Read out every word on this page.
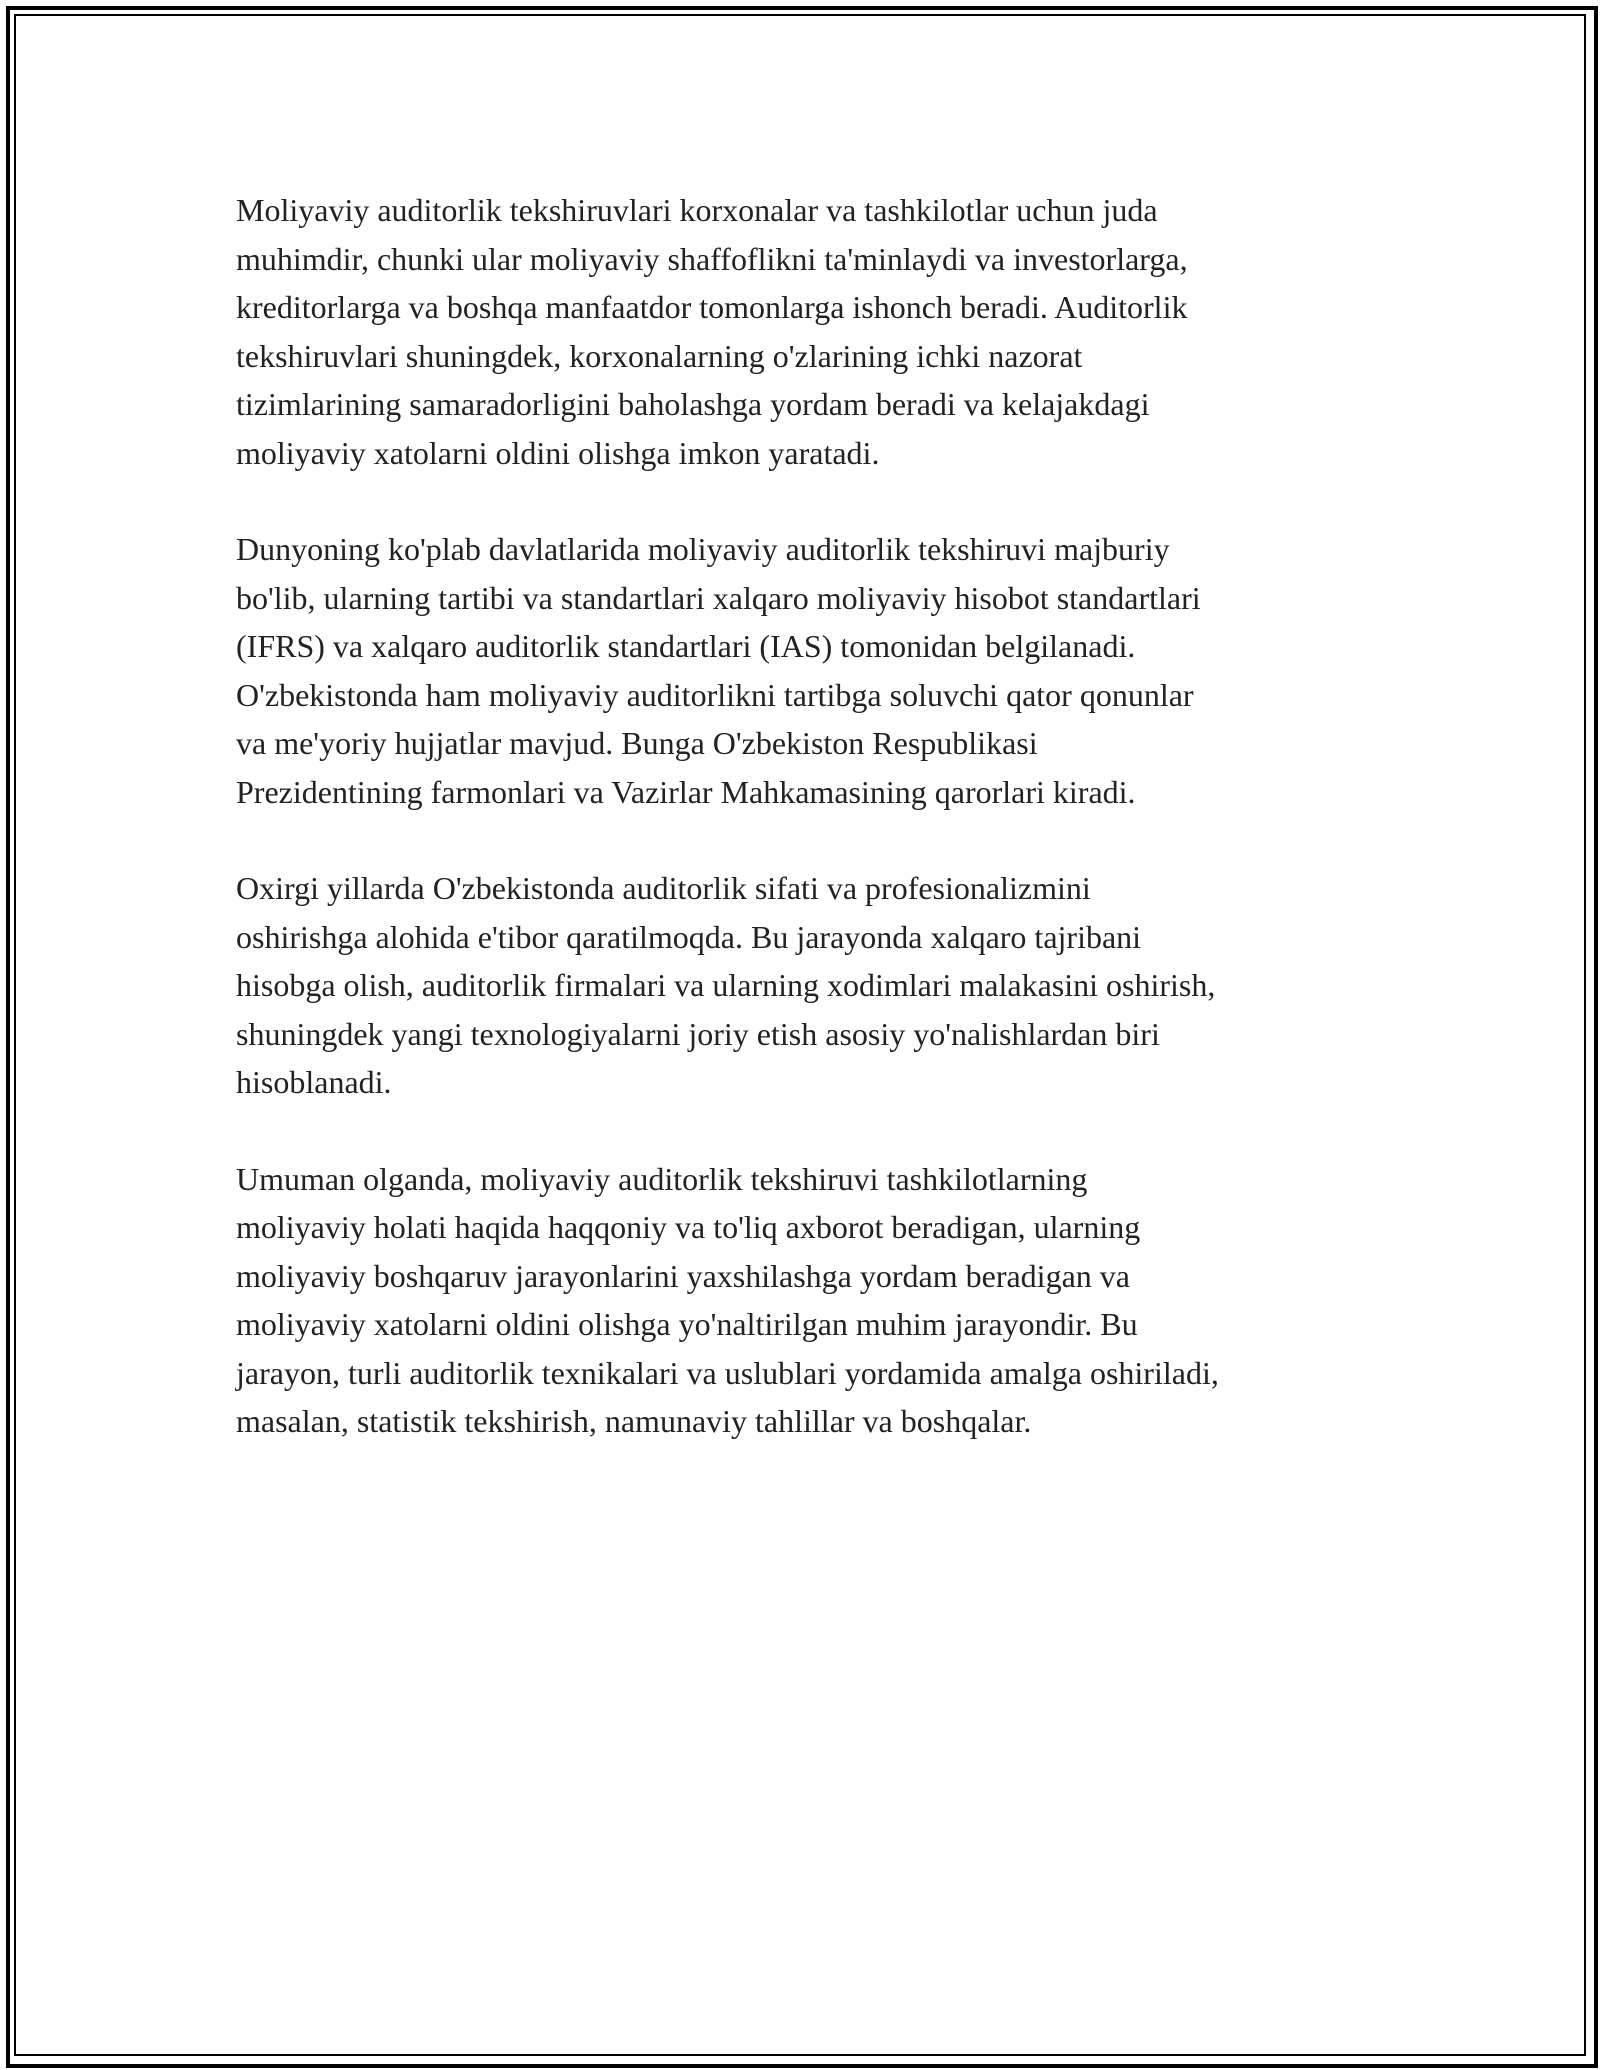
Moliyaviy auditorlik tekshiruvlari korxonalar va tashkilotlar uchun juda
muhimdir, chunki ular moliyaviy shaffoflikni ta'minlaydi va investorlarga,
kreditorlarga va boshqa manfaatdor tomonlarga ishonch beradi. Auditorlik
tekshiruvlari shuningdek, korxonalarning o'zlarining ichki nazorat
tizimlarining samaradorligini baholashga yordam beradi va kelajakdagi
moliyaviy xatolarni oldini olishga imkon yaratadi.

Dunyoning ko'plab davlatlarida moliyaviy auditorlik tekshiruvi majburiy
bo'lib, ularning tartibi va standartlari xalqaro moliyaviy hisobot standartlari
(IFRS) va xalqaro auditorlik standartlari (IAS) tomonidan belgilanadi.
O'zbekistonda ham moliyaviy auditorlikni tartibga soluvchi qator qonunlar
va me'yoriy hujjatlar mavjud. Bunga O'zbekiston Respublikasi
Prezidentining farmonlari va Vazirlar Mahkamasining qarorlari kiradi.

Oxirgi yillarda O'zbekistonda auditorlik sifati va profesionalizmini
oshirishga alohida e'tibor qaratilmoqda. Bu jarayonda xalqaro tajribani
hisobga olish, auditorlik firmalari va ularning xodimlari malakasini oshirish,
shuningdek yangi texnologiyalarni joriy etish asosiy yo'nalishlardan biri
hisoblanadi.

Umuman olganda, moliyaviy auditorlik tekshiruvi tashkilotlarning
moliyaviy holati haqida haqqoniy va to'liq axborot beradigan, ularning
moliyaviy boshqaruv jarayonlarini yaxshilashga yordam beradigan va
moliyaviy xatolarni oldini olishga yo'naltirilgan muhim jarayondir. Bu
jarayon, turli auditorlik texnikalari va uslublari yordamida amalga oshiriladi,
masalan, statistik tekshirish, namunaviy tahlillar va boshqalar.
